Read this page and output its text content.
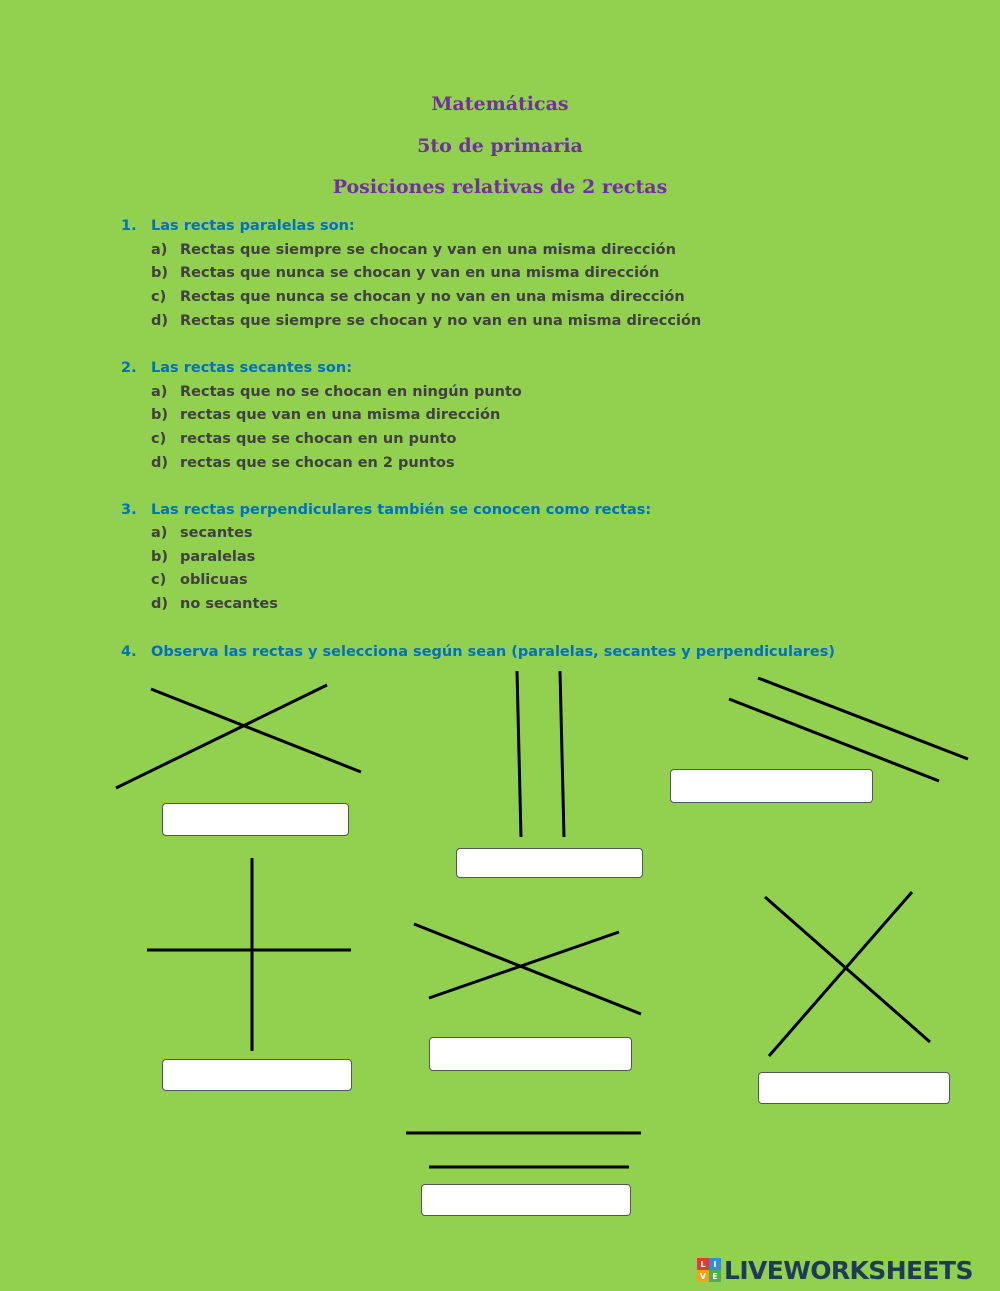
Matemáticas
5to de primaria
Posiciones relativas de 2 rectas
1. Las rectas paralelas son:
a) Rectas que siempre se chocan y van en una misma dirección
b) Rectas que nunca se chocan y van en una misma dirección
c) Rectas que nunca se chocan y no van en una misma dirección
d) Rectas que siempre se chocan y no van en una misma dirección
2. Las rectas secantes son:
a) Rectas que no se chocan en ningún punto
b) rectas que van en una misma dirección
c) rectas que se chocan en un punto
d) rectas que se chocan en 2 puntos
3. Las rectas perpendiculares también se conocen como rectas:
a) secantes
b) paralelas
c) oblicuas
d) no secantes
4. Observa las rectas y selecciona según sean (paralelas, secantes y perpendiculares)
L I
V E LIVEWORKSHEETS
